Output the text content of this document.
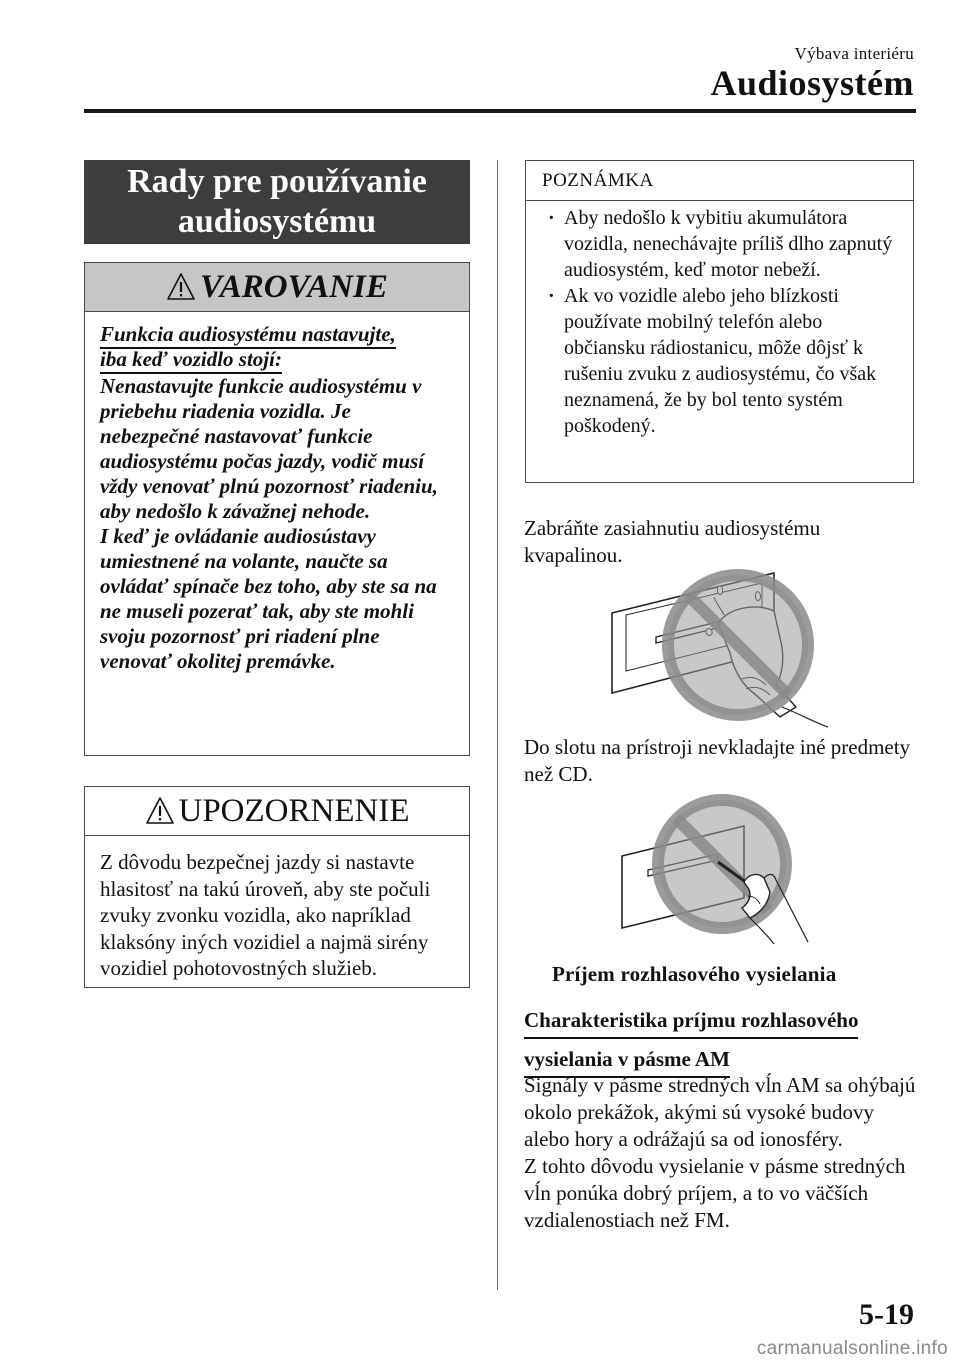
Výbava interiéru
Audiosystém
Rady pre používanie
audiosystému
VAROVANIE
Funkcia audiosystému nastavujte,
iba keď vozidlo stojí:
Nenastavujte funkcie audiosystému v priebehu riadenia vozidla. Je nebezpečné nastavovať funkcie audiosystému počas jazdy, vodič musí vždy venovať plnú pozornosť riadeniu, aby nedošlo k závažnej nehode.
I keď je ovládanie audiosústavy umiestnené na volante, naučte sa ovládať spínače bez toho, aby ste sa na ne museli pozerať tak, aby ste mohli svoju pozornosť pri riadení plne venovať okolitej premávke.
UPOZORNENIE
Z dôvodu bezpečnej jazdy si nastavte hlasitosť na takú úroveň, aby ste počuli zvuky zvonku vozidla, ako napríklad klaksóny iných vozidiel a najmä sirény vozidiel pohotovostných služieb.
POZNÁMKA
· Aby nedošlo k vybitiu akumulátora vozidla, nenechávajte príliš dlho zapnutý audiosystém, keď motor nebeží.
· Ak vo vozidle alebo jeho blízkosti používate mobilný telefón alebo občiansku rádiostanicu, môže dôjsť k rušeniu zvuku z audiosystému, čo však neznamená, že by bol tento systém poškodený.
Zabráňte zasiahnutiu audiosystému kvapalinou.
Do slotu na prístroji nevkladajte iné predmety než CD.
Príjem rozhlasového vysielania
Charakteristika príjmu rozhlasového
vysielania v pásme AM
Signály v pásme stredných vĺn AM sa ohýbajú okolo prekážok, akými sú vysoké budovy alebo hory a odrážajú sa od ionosféry.
Z tohto dôvodu vysielanie v pásme stredných vĺn ponúka dobrý príjem, a to vo väčších vzdialenostiach než FM.
5-19
carmanualsonline.info
